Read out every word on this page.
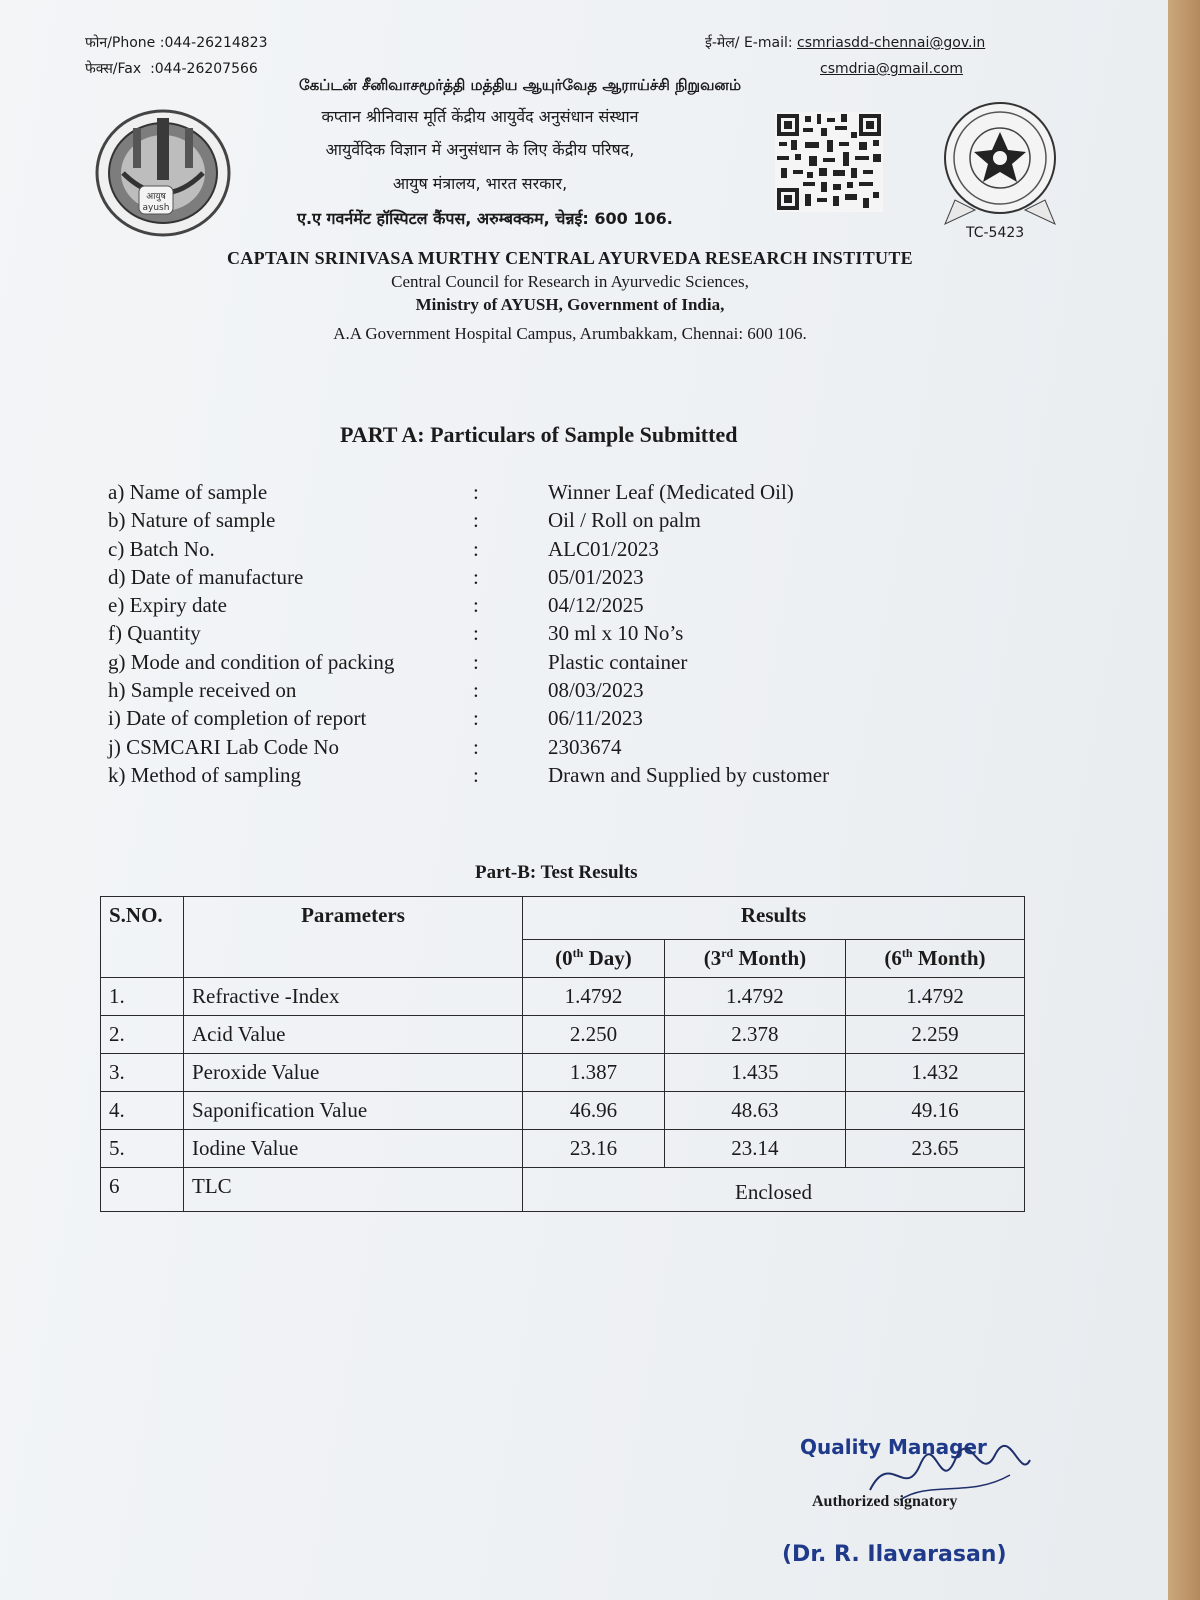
फोन/Phone :044-26214823
फेक्स/Fax :044-26207566
ई-मेल/ E-mail: csmriasdd-chennai@gov.in
csmdria@gmail.com
आयुष
ayush
கேப்டன் சீனிவாசமூர்த்தி மத்திய ஆயுர்வேத ஆராய்ச்சி நிறுவனம்
कप्तान श्रीनिवास मूर्ति केंद्रीय आयुर्वेद अनुसंधान संस्थान
आयुर्वेदिक विज्ञान में अनुसंधान के लिए केंद्रीय परिषद,
आयुष मंत्रालय, भारत सरकार,
ए.ए गवर्नमेंट हॉस्पिटल कैंपस, अरुम्बक्कम, चेन्नई: 600 106.
TC-5423
CAPTAIN SRINIVASA MURTHY CENTRAL AYURVEDA RESEARCH INSTITUTE
Central Council for Research in Ayurvedic Sciences,
Ministry of AYUSH, Government of India,
A.A Government Hospital Campus, Arumbakkam, Chennai: 600 106.
PART A: Particulars of Sample Submitted
a) Name of sample	:	Winner Leaf (Medicated Oil)
b) Nature of sample	:	Oil / Roll on palm
c) Batch No.	:	ALC01/2023
d) Date of manufacture	:	05/01/2023
e) Expiry date	:	04/12/2025
f) Quantity	:	30 ml x 10 No’s
g) Mode and condition of packing	:	Plastic container
h) Sample received on	:	08/03/2023
i) Date of completion of report	:	06/11/2023
j) CSMCARI Lab Code No	:	2303674
k) Method of sampling	:	Drawn and Supplied by customer
Part-B: Test Results
S.NO.	Parameters	Results		
		(0th Day)	(3rd Month)	(6th Month)
1.	Refractive -Index	1.4792	1.4792	1.4792
2.	Acid Value	2.250	2.378	2.259
3.	Peroxide Value	1.387	1.435	1.432
4.	Saponification Value	46.96	48.63	49.16
5.	Iodine Value	23.16	23.14	23.65
6	TLC	Enclosed		
Quality Manager
Authorized signatory
(Dr. R. Ilavarasan)
